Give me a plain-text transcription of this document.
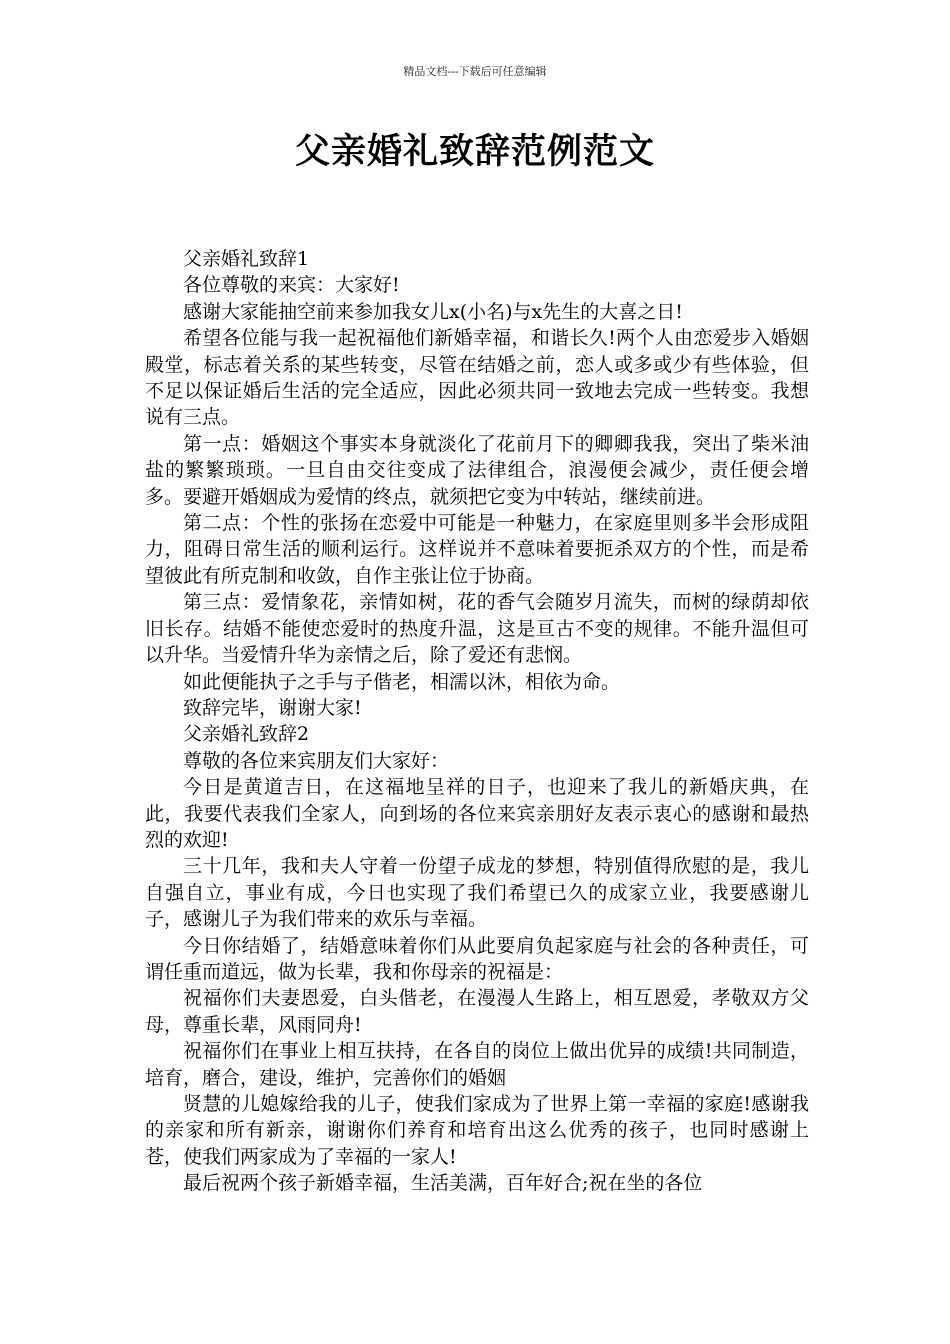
精品文档---下载后可任意编辑
父亲婚礼致辞范例范文

父亲婚礼致辞1

各位尊敬的来宾：大家好!

感谢大家能抽空前来参加我女儿x(小名)与x先生的大喜之日!

希望各位能与我一起祝福他们新婚幸福，和谐长久!两个人由恋爱步入婚姻殿堂，标志着关系的某些转变，尽管在结婚之前，恋人或多或少有些体验，但不足以保证婚后生活的完全适应，因此必须共同一致地去完成一些转变。我想说有三点。

第一点：婚姻这个事实本身就淡化了花前月下的卿卿我我，突出了柴米油盐的繁繁琐琐。一旦自由交往变成了法律组合，浪漫便会减少，责任便会增多。要避开婚姻成为爱情的终点，就须把它变为中转站，继续前进。

第二点：个性的张扬在恋爱中可能是一种魅力，在家庭里则多半会形成阻力，阻碍日常生活的顺利运行。这样说并不意味着要扼杀双方的个性，而是希望彼此有所克制和收敛，自作主张让位于协商。

第三点：爱情象花，亲情如树，花的香气会随岁月流失，而树的绿荫却依旧长存。结婚不能使恋爱时的热度升温，这是亘古不变的规律。不能升温但可以升华。当爱情升华为亲情之后，除了爱还有悲悯。

如此便能执子之手与子偕老，相濡以沐，相依为命。

致辞完毕，谢谢大家!

父亲婚礼致辞2

尊敬的各位来宾朋友们大家好：

今日是黄道吉日，在这福地呈祥的日子，也迎来了我儿的新婚庆典，在此，我要代表我们全家人，向到场的各位来宾亲朋好友表示衷心的感谢和最热烈的欢迎!

三十几年，我和夫人守着一份望子成龙的梦想，特别值得欣慰的是，我儿自强自立，事业有成，今日也实现了我们希望已久的成家立业，我要感谢儿子，感谢儿子为我们带来的欢乐与幸福。

今日你结婚了，结婚意味着你们从此要肩负起家庭与社会的各种责任，可谓任重而道远，做为长辈，我和你母亲的祝福是：

祝福你们夫妻恩爱，白头偕老，在漫漫人生路上，相互恩爱，孝敬双方父母，尊重长辈，风雨同舟!

祝福你们在事业上相互扶持，在各自的岗位上做出优异的成绩!共同制造，培育，磨合，建设，维护，完善你们的婚姻

贤慧的儿媳嫁给我的儿子，使我们家成为了世界上第一幸福的家庭!感谢我的亲家和所有新亲，谢谢你们养育和培育出这么优秀的孩子，也同时感谢上苍，使我们两家成为了幸福的一家人!

最后祝两个孩子新婚幸福，生活美满，百年好合;祝在坐的各位
